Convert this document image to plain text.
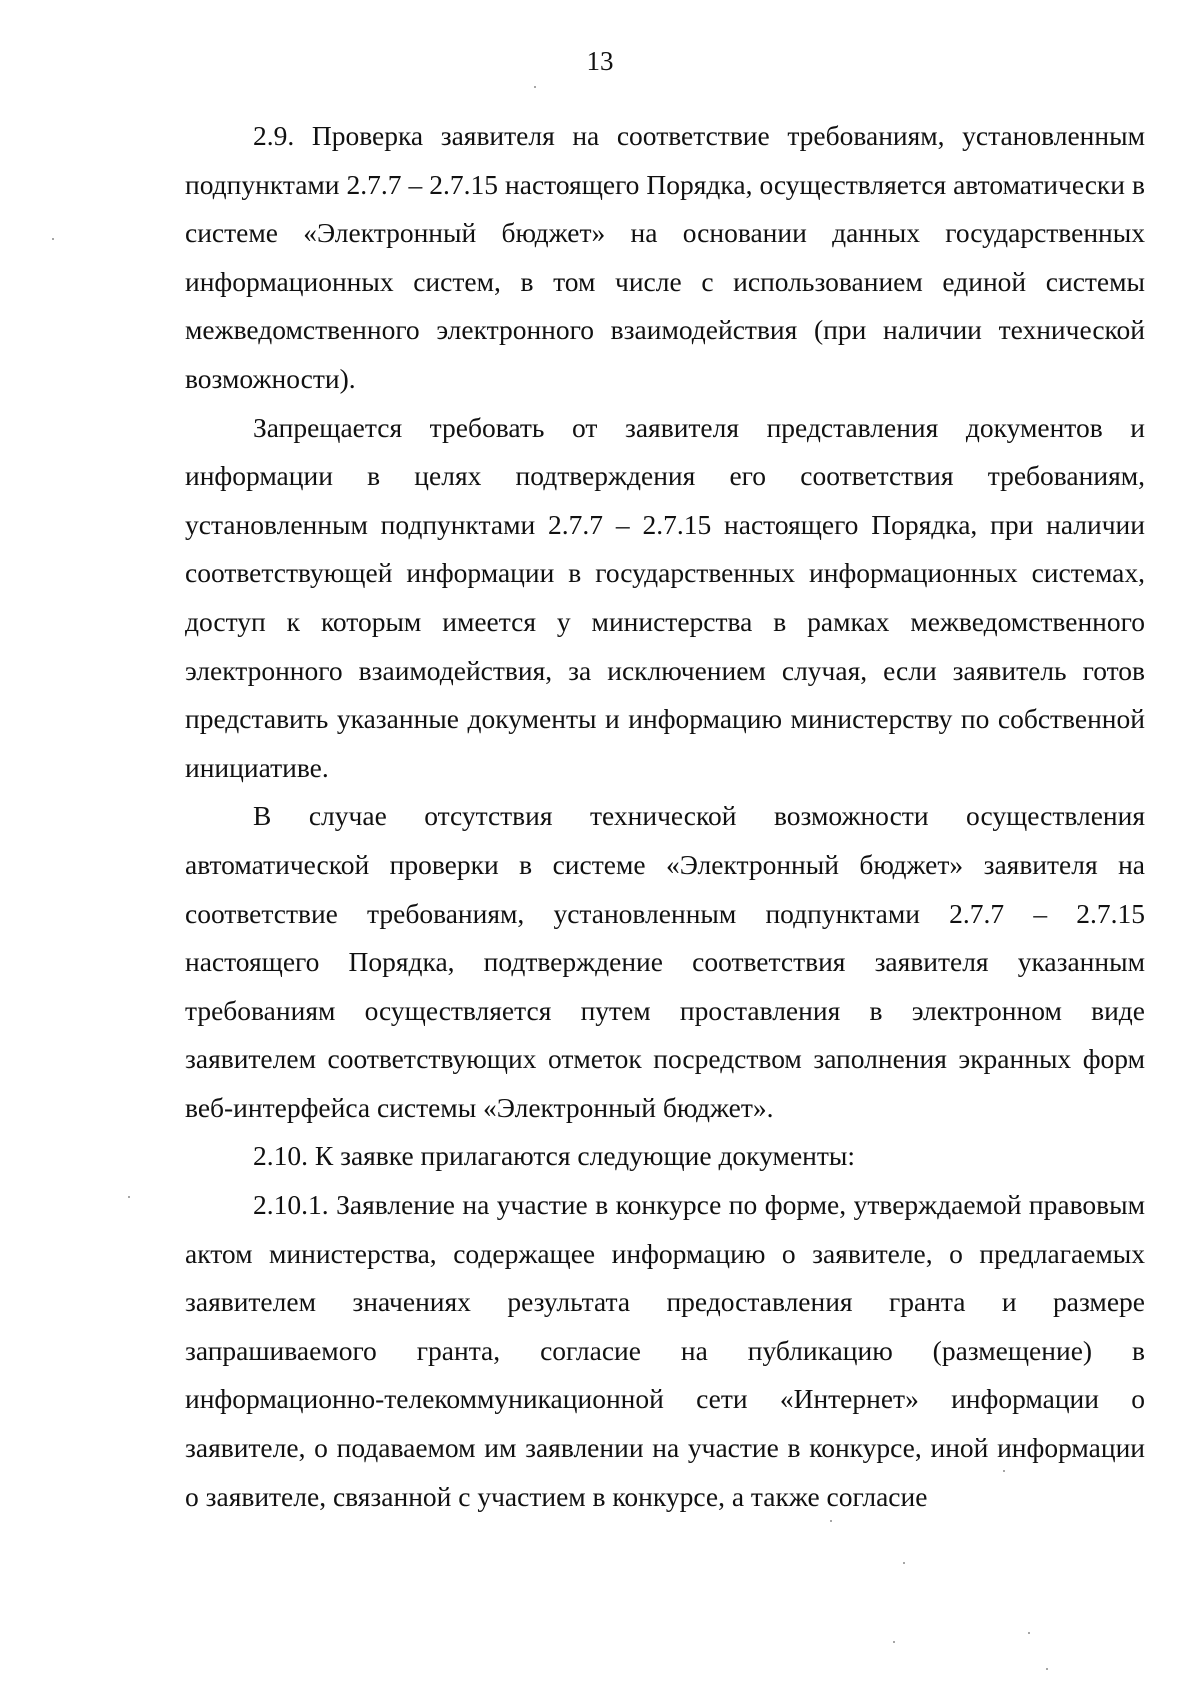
13

2.9. Проверка заявителя на соответствие требованиям, установленным подпунктами 2.7.7 – 2.7.15 настоящего Порядка, осуществляется автоматически в системе «Электронный бюджет» на основании данных государственных информационных систем, в том числе с использованием единой системы межведомственного электронного взаимодействия (при наличии технической возможности).

Запрещается требовать от заявителя представления документов и информации в целях подтверждения его соответствия требованиям, установленным подпунктами 2.7.7 – 2.7.15 настоящего Порядка, при наличии соответствующей информации в государственных информационных системах, доступ к которым имеется у министерства в рамках межведомственного электронного взаимодействия, за исключением случая, если заявитель готов представить указанные документы и информацию министерству по собственной инициативе.

В случае отсутствия технической возможности осуществления автоматической проверки в системе «Электронный бюджет» заявителя на соответствие требованиям, установленным подпунктами 2.7.7 – 2.7.15 настоящего Порядка, подтверждение соответствия заявителя указанным требованиям осуществляется путем проставления в электронном виде заявителем соответствующих отметок посредством заполнения экранных форм веб-интерфейса системы «Электронный бюджет».

2.10. К заявке прилагаются следующие документы:

2.10.1. Заявление на участие в конкурсе по форме, утверждаемой правовым актом министерства, содержащее информацию о заявителе, о предлагаемых заявителем значениях результата предоставления гранта и размере запрашиваемого гранта, согласие на публикацию (размещение) в информационно-телекоммуникационной сети «Интернет» информации о заявителе, о подаваемом им заявлении на участие в конкурсе, иной информации о заявителе, связанной с участием в конкурсе, а также согласие
